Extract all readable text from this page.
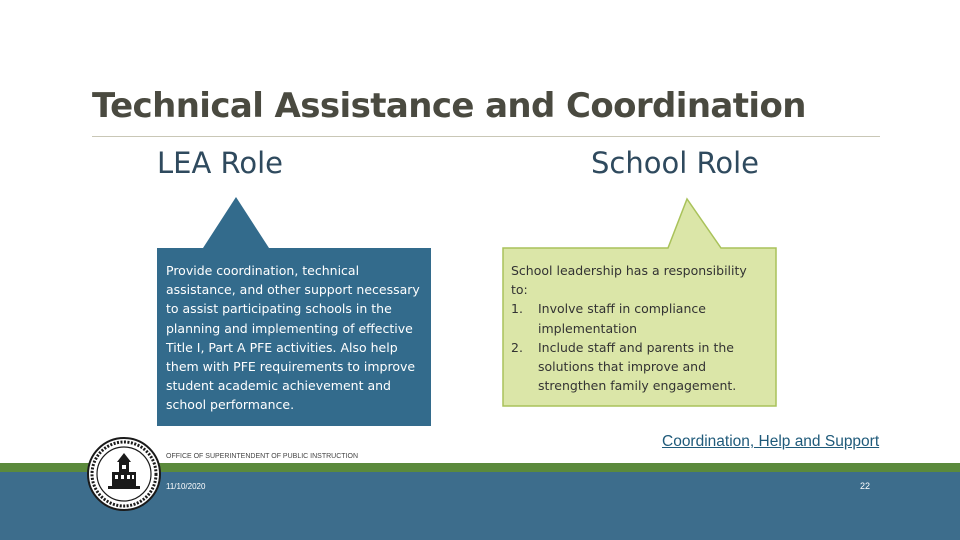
Technical Assistance and Coordination
LEA Role	School Role
Provide coordination, technical assistance, and other support necessary to assist participating schools in the planning and implementing of effective Title I, Part A PFE activities. Also help them with PFE requirements to improve student academic achievement and school performance.
School leadership has a responsibility to:
1. Involve staff in compliance implementation
2. Include staff and parents in the solutions that improve and strengthen family engagement.
Coordination, Help and Support
OFFICE OF SUPERINTENDENT OF PUBLIC INSTRUCTION
11/10/2020	22
